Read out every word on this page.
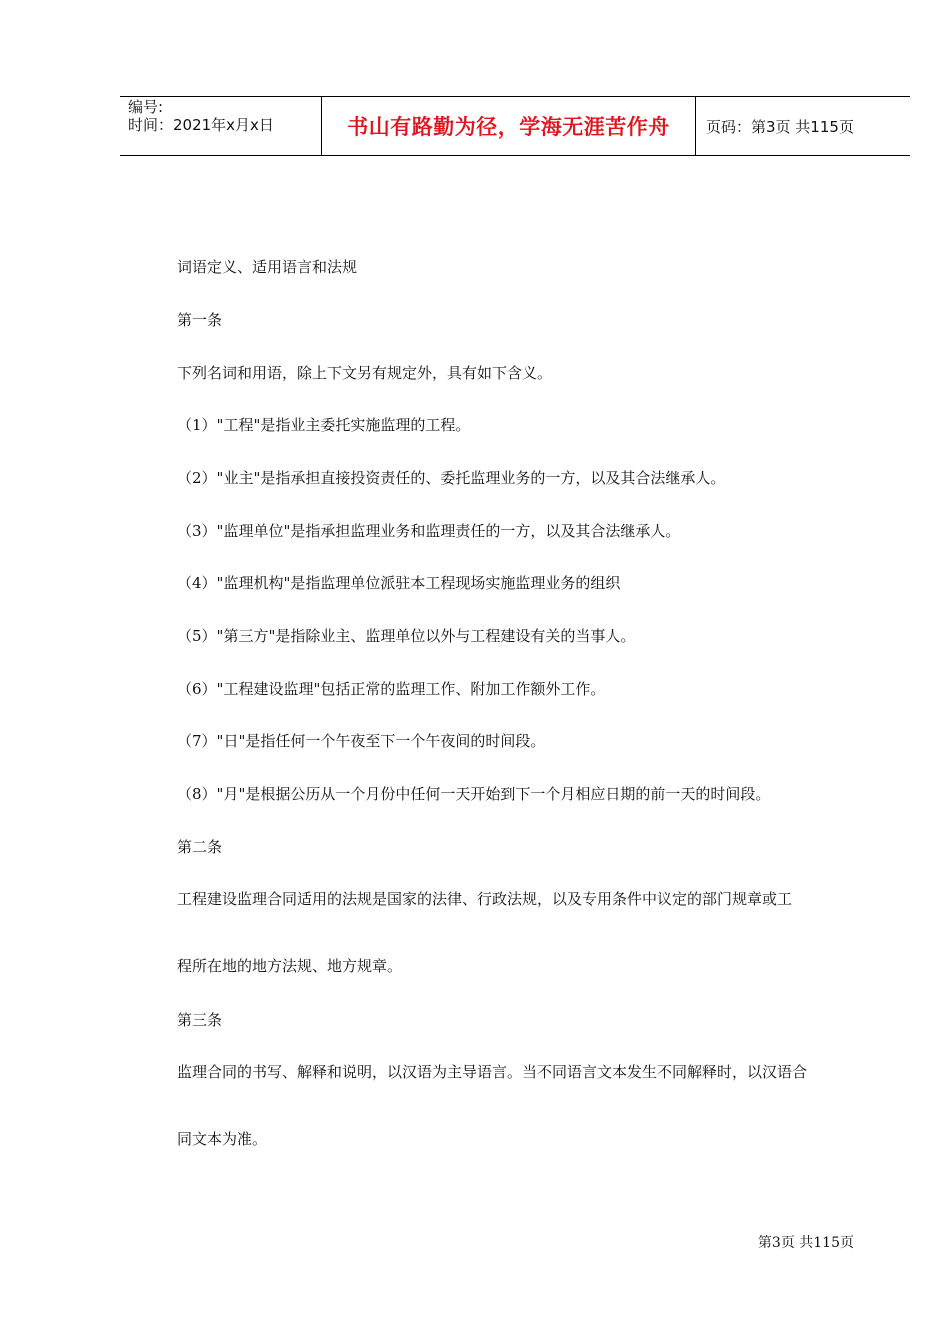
编号:
时间：2021年x月x日	书山有路勤为径，学海无涯苦作舟	页码：第3页 共115页
词语定义、适用语言和法规
第一条
下列名词和用语，除上下文另有规定外，具有如下含义。
（1）"工程"是指业主委托实施监理的工程。
（2）"业主"是指承担直接投资责任的、委托监理业务的一方，以及其合法继承人。
（3）"监理单位"是指承担监理业务和监理责任的一方，以及其合法继承人。
（4）"监理机构"是指监理单位派驻本工程现场实施监理业务的组织
（5）"第三方"是指除业主、监理单位以外与工程建设有关的当事人。
（6）"工程建设监理"包括正常的监理工作、附加工作额外工作。
（7）"日"是指任何一个午夜至下一个午夜间的时间段。
（8）"月"是根据公历从一个月份中任何一天开始到下一个月相应日期的前一天的时间段。
第二条
工程建设监理合同适用的法规是国家的法律、行政法规，以及专用条件中议定的部门规章或工
程所在地的地方法规、地方规章。
第三条
监理合同的书写、解释和说明，以汉语为主导语言。当不同语言文本发生不同解释时，以汉语合
同文本为准。
第3页 共115页
